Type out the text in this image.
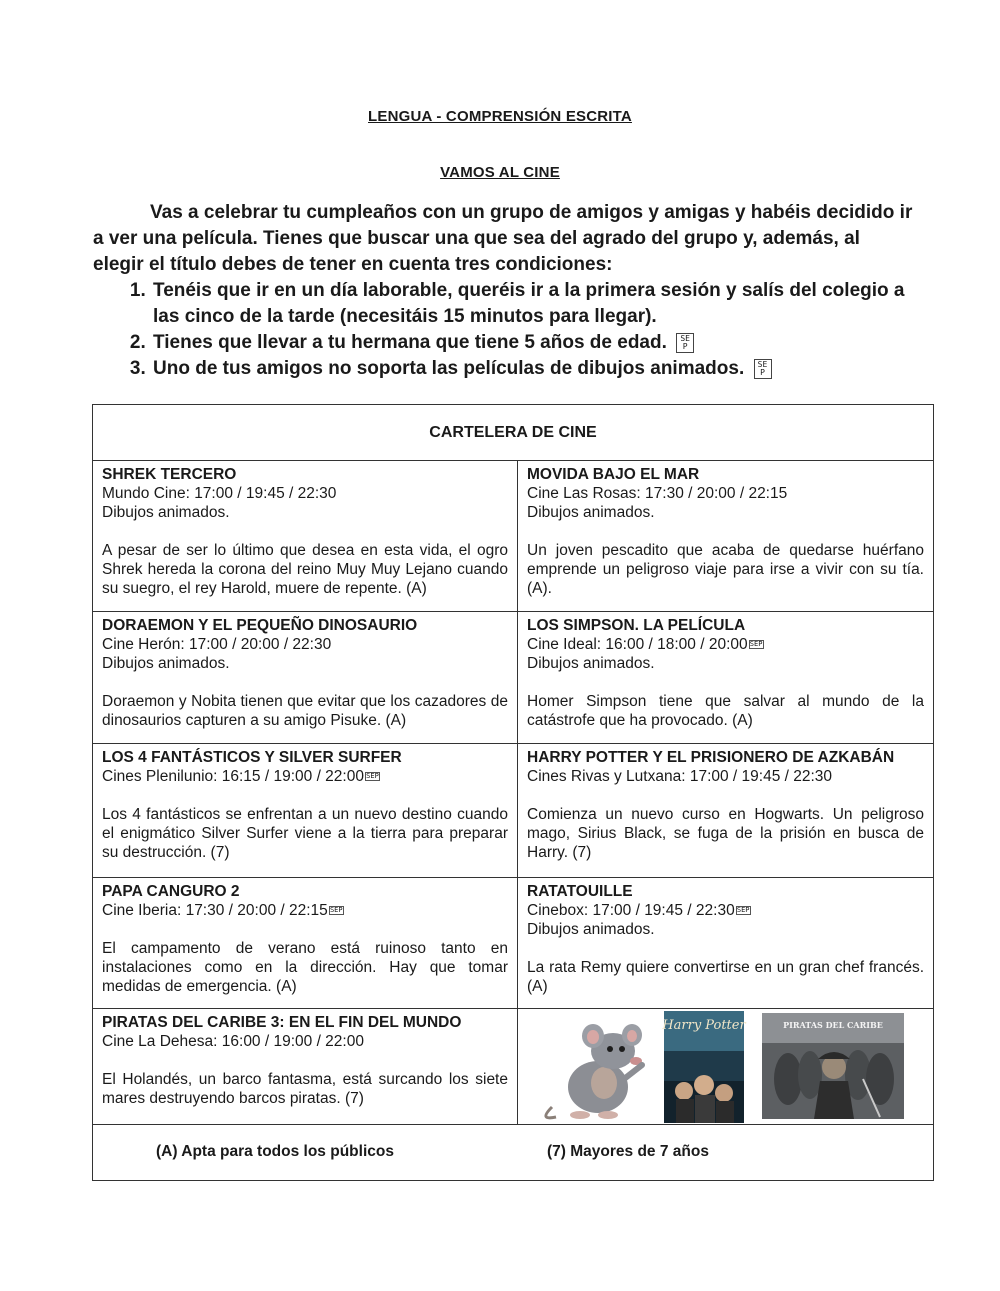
LENGUA - COMPRENSIÓN ESCRITA
VAMOS AL CINE

Vas a celebrar tu cumpleaños con un grupo de amigos y amigas y habéis decidido ir a ver una película. Tienes que buscar una que sea del agrado del grupo y, además, al elegir el título debes de tener en cuenta tres condiciones:

1. Tenéis que ir en un día laborable, queréis ir a la primera sesión y salís del colegio a las cinco de la tarde (necesitáis 15 minutos para llegar).
2. Tienes que llevar a tu hermana que tiene 5 años de edad. SEP
3. Uno de tus amigos no soporta las películas de dibujos animados. SEP
CARTELERA DE CINE
SHREK TERCERO
Mundo Cine: 17:00 / 19:45 / 22:30
Dibujos animados.
A pesar de ser lo último que desea en esta vida, el ogro Shrek hereda la corona del reino Muy Muy Lejano cuando su suegro, el rey Harold, muere de repente. (A)
MOVIDA BAJO EL MAR
Cine Las Rosas: 17:30 / 20:00 / 22:15
Dibujos animados.
Un joven pescadito que acaba de quedarse huérfano emprende un peligroso viaje para irse a vivir con su tía. (A).
DORAEMON Y EL PEQUEÑO DINOSAURIO
Cine Herón: 17:00 / 20:00 / 22:30
Dibujos animados.
Doraemon y Nobita tienen que evitar que los cazadores de dinosaurios capturen a su amigo Pisuke. (A)
LOS SIMPSON. LA PELÍCULA
Cine Ideal: 16:00 / 18:00 / 20:00 SEP
Dibujos animados.
Homer Simpson tiene que salvar al mundo de la catástrofe que ha provocado. (A)
LOS 4 FANTÁSTICOS Y SILVER SURFER
Cines Plenilunio: 16:15 / 19:00 / 22:00 SEP
Los 4 fantásticos se enfrentan a un nuevo destino cuando el enigmático Silver Surfer viene a la tierra para preparar su destrucción. (7)
HARRY POTTER Y EL PRISIONERO DE AZKABÁN
Cines Rivas y Lutxana: 17:00 / 19:45 / 22:30
Comienza un nuevo curso en Hogwarts. Un peligroso mago, Sirius Black, se fuga de la prisión en busca de Harry. (7)
PAPA CANGURO 2
Cine Iberia: 17:30 / 20:00 / 22:15 SEP
El campamento de verano está ruinoso tanto en instalaciones como en la dirección. Hay que tomar medidas de emergencia. (A)
RATATOUILLE
Cinebox: 17:00 / 19:45 / 22:30 SEP
Dibujos animados.
La rata Remy quiere convertirse en un gran chef francés. (A)
PIRATAS DEL CARIBE 3: EN EL FIN DEL MUNDO
Cine La Dehesa: 16:00 / 19:00 / 22:00
El Holandés, un barco fantasma, está surcando los siete mares destruyendo barcos piratas. (7)
Harry Potter	PIRATAS DEL CARIBE
(A) Apta para todos los públicos	(7) Mayores de 7 años
